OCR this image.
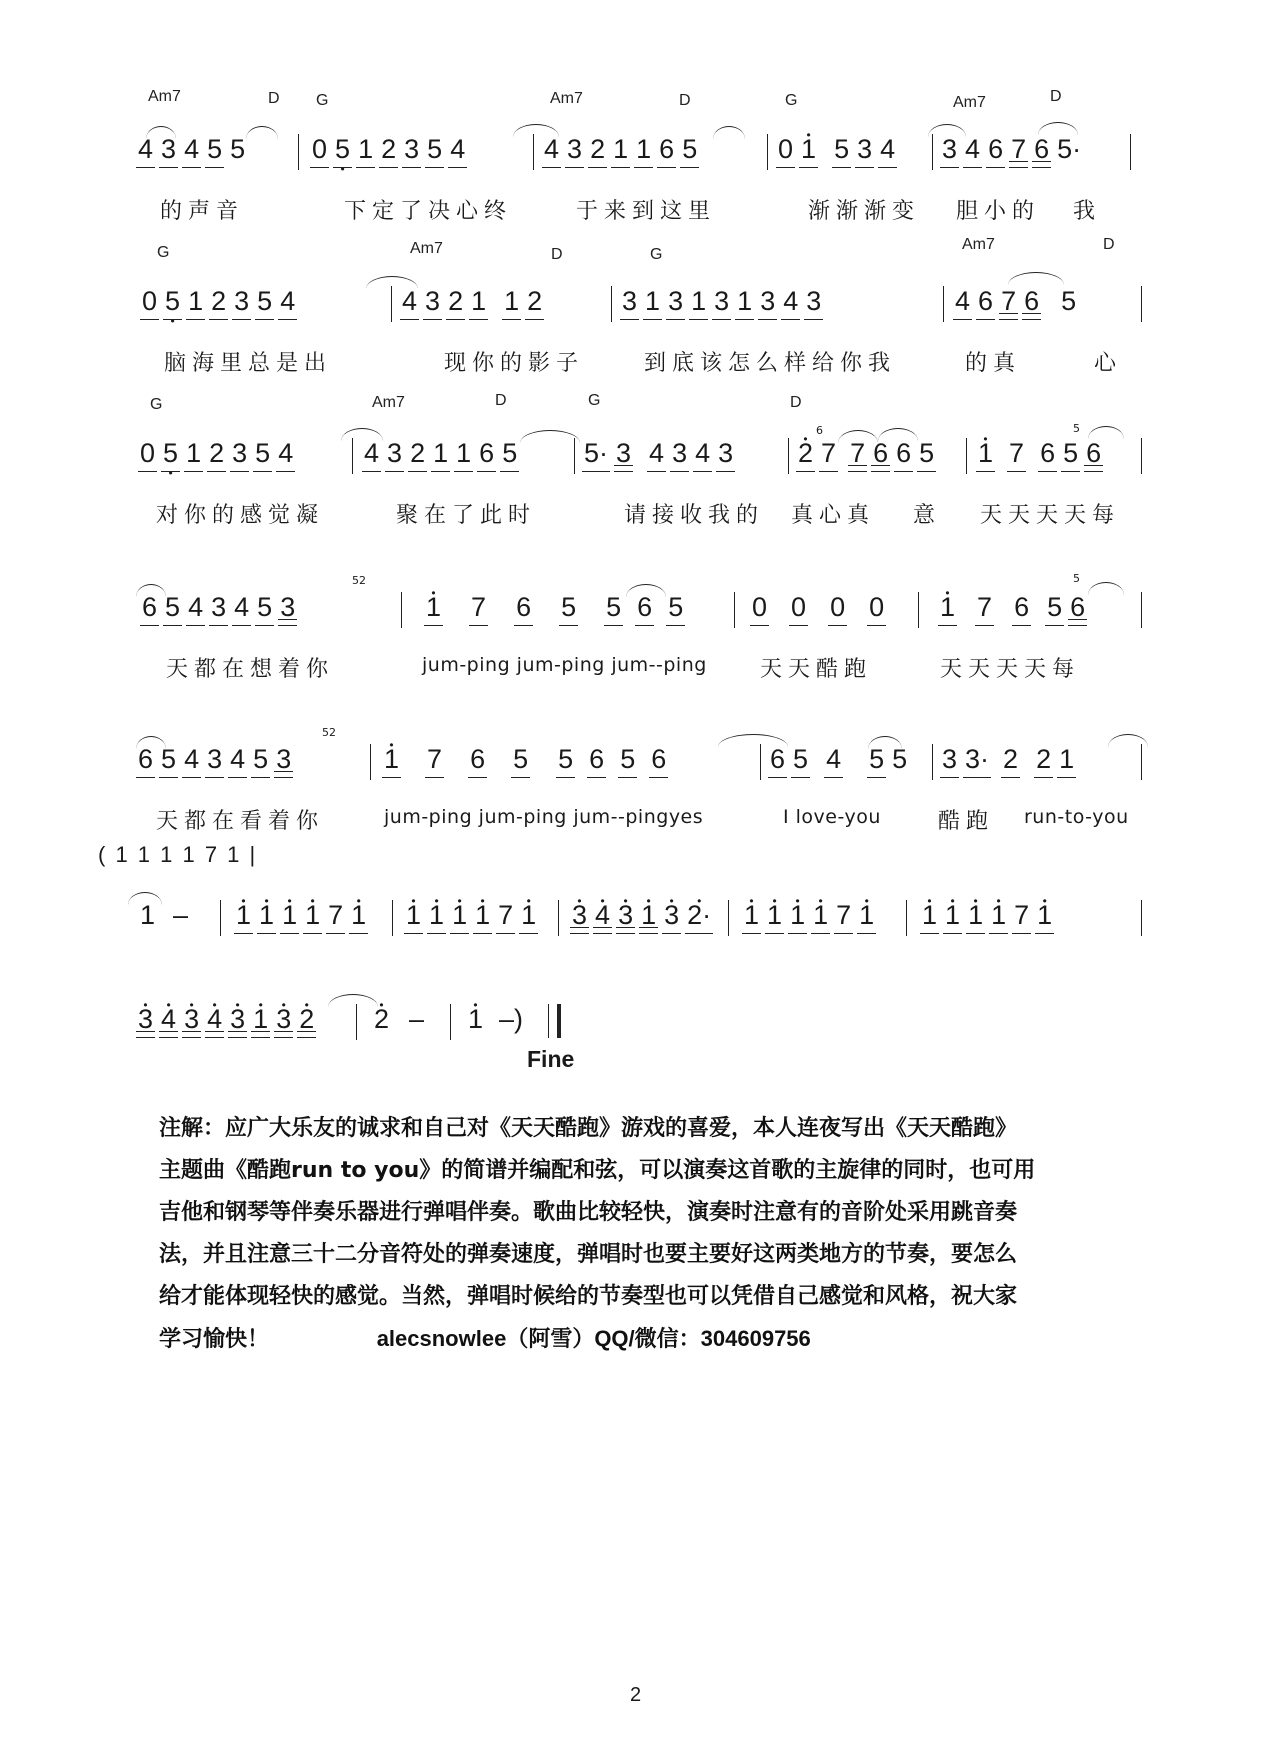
Am7	D G	Am7	D	G	Am7	D
4 3 4 5 5 0 • 5 1 2 3 5 4	4 3 2 1 1 6 5	0 • 1 5 3 4 3 4 6 7 6 5·
的声音	下定了决心终	于来到这里	渐渐渐变 胆小的 我
G	Am7	D	G
Am7	D
0 • 5 1 2 3 5 4	4 3 2 1 1 2	3 1 3 1 3 1 3 4 3	4 6 7 6 5
脑海里总是出	现你的影子	到底该怎么样给你我	的真	心
G	Am7	D	G	D
6	5
0 • 5 1 2 3 5 4	4 3 2 1 1 6 5 5· 3 4 3 4 3 • 2 7 7 6 6 5 • 1 7 6 5 6
对你的感觉凝	聚在了此时	请接收我的 真心真 意 天天天天每
52	5
6 5 4 3 4 5 3	• 1 7 6 5 5 6 5	0 0 0 0 • 1 7 6 5 6
天都在想着你	jum-ping jum-ping jum--ping 天天酷跑	天天天天每
52
6 5 4 3 4 5 3	• 1 7 6 5 5 6 5 6	6 5 4 5 5 3 3· 2 2 1
天都在看着你	jum-ping jum-ping jum--pingyes	I love-you	酷跑 run-to-you
( 1 1 1 1 7 1 |
1 – • 1 • 1 • 1 • 1 7 • 1 • 1 • 1 • 1 • 1 7 • 1 • 3 • 4 • 3 • 1 • 3 • 2· • 1 • 1 • 1 • 1 7 • 1 • 1 • 1 • 1 • 1 7 • 1
• 3 • 4 • 3 • 4 • 3 • 1 • 3 • 2 • 2 – • 1 –)
Fine
注解：应广大乐友的诚求和自己对《天天酷跑》游戏的喜爱，本人连夜写出《天天酷跑》
主题曲《酷跑run to you》的简谱并编配和弦，可以演奏这首歌的主旋律的同时，也可用
吉他和钢琴等伴奏乐器进行弹唱伴奏。歌曲比较轻快，演奏时注意有的音阶处采用跳音奏
法，并且注意三十二分音符处的弹奏速度，弹唱时也要主要好这两类地方的节奏，要怎么
给才能体现轻快的感觉。当然，弹唱时候给的节奏型也可以凭借自己感觉和风格，祝大家
学习愉快！	alecsnowlee（阿雪）QQ/微信：304609756
2
